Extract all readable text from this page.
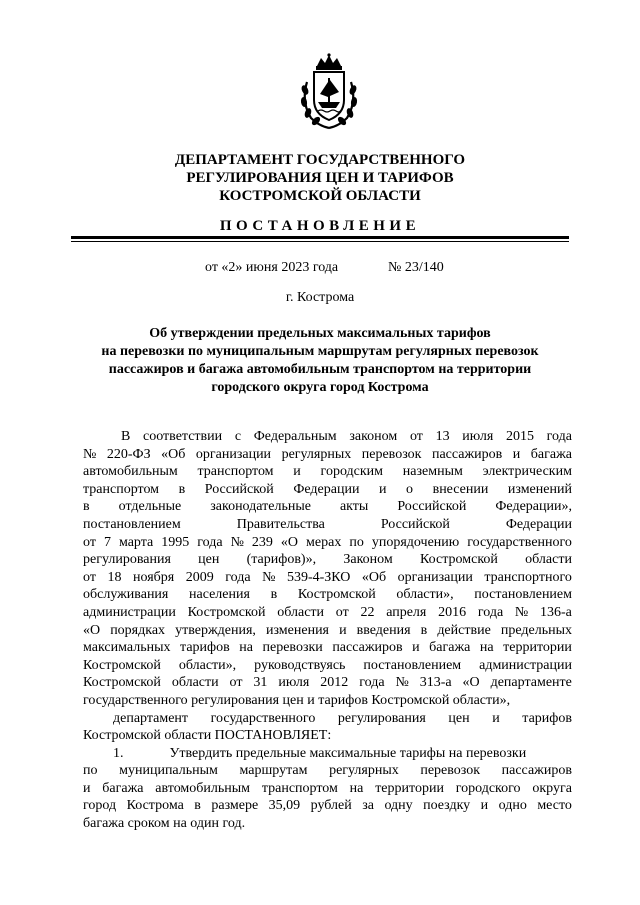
ДЕПАРТАМЕНТ ГОСУДАРСТВЕННОГО
РЕГУЛИРОВАНИЯ ЦЕН И ТАРИФОВ
КОСТРОМСКОЙ ОБЛАСТИ
ПОСТАНОВЛЕНИЕ
от «2» июня 2023 года	№ 23/140
г. Кострома
Об утверждении предельных максимальных тарифов
на перевозки по муниципальным маршрутам регулярных перевозок
пассажиров и багажа автомобильным транспортом на территории
городского округа город Кострома
В соответствии с Федеральным законом от 13 июля 2015 года
№ 220-ФЗ «Об организации регулярных перевозок пассажиров и багажа
автомобильным транспортом и городским наземным электрическим
транспортом в Российской Федерации и о внесении изменений
в отдельные законодательные акты Российской Федерации»,
постановлением	Правительства	Российской	Федерации
от 7 марта 1995 года № 239 «О мерах по упорядочению государственного
регулирования цен (тарифов)», Законом Костромской области
от 18 ноября 2009 года № 539-4-ЗКО «Об организации транспортного
обслуживания населения в Костромской области», постановлением
администрации Костромской области от 22 апреля 2016 года № 136-а
«О порядках утверждения, изменения и введения в действие предельных
максимальных тарифов на перевозки пассажиров и багажа на территории
Костромской области», руководствуясь постановлением администрации
Костромской области от 31 июля 2012 года № 313-а «О департаменте
государственного регулирования цен и тарифов Костромской области»,
департамент государственного регулирования цен и тарифов
Костромской области ПОСТАНОВЛЯЕТ:
1.	Утвердить предельные максимальные тарифы на перевозки
по муниципальным маршрутам регулярных перевозок пассажиров
и багажа автомобильным транспортом на территории городского округа
город Кострома в размере 35,09 рублей за одну поездку и одно место
багажа сроком на один год.
